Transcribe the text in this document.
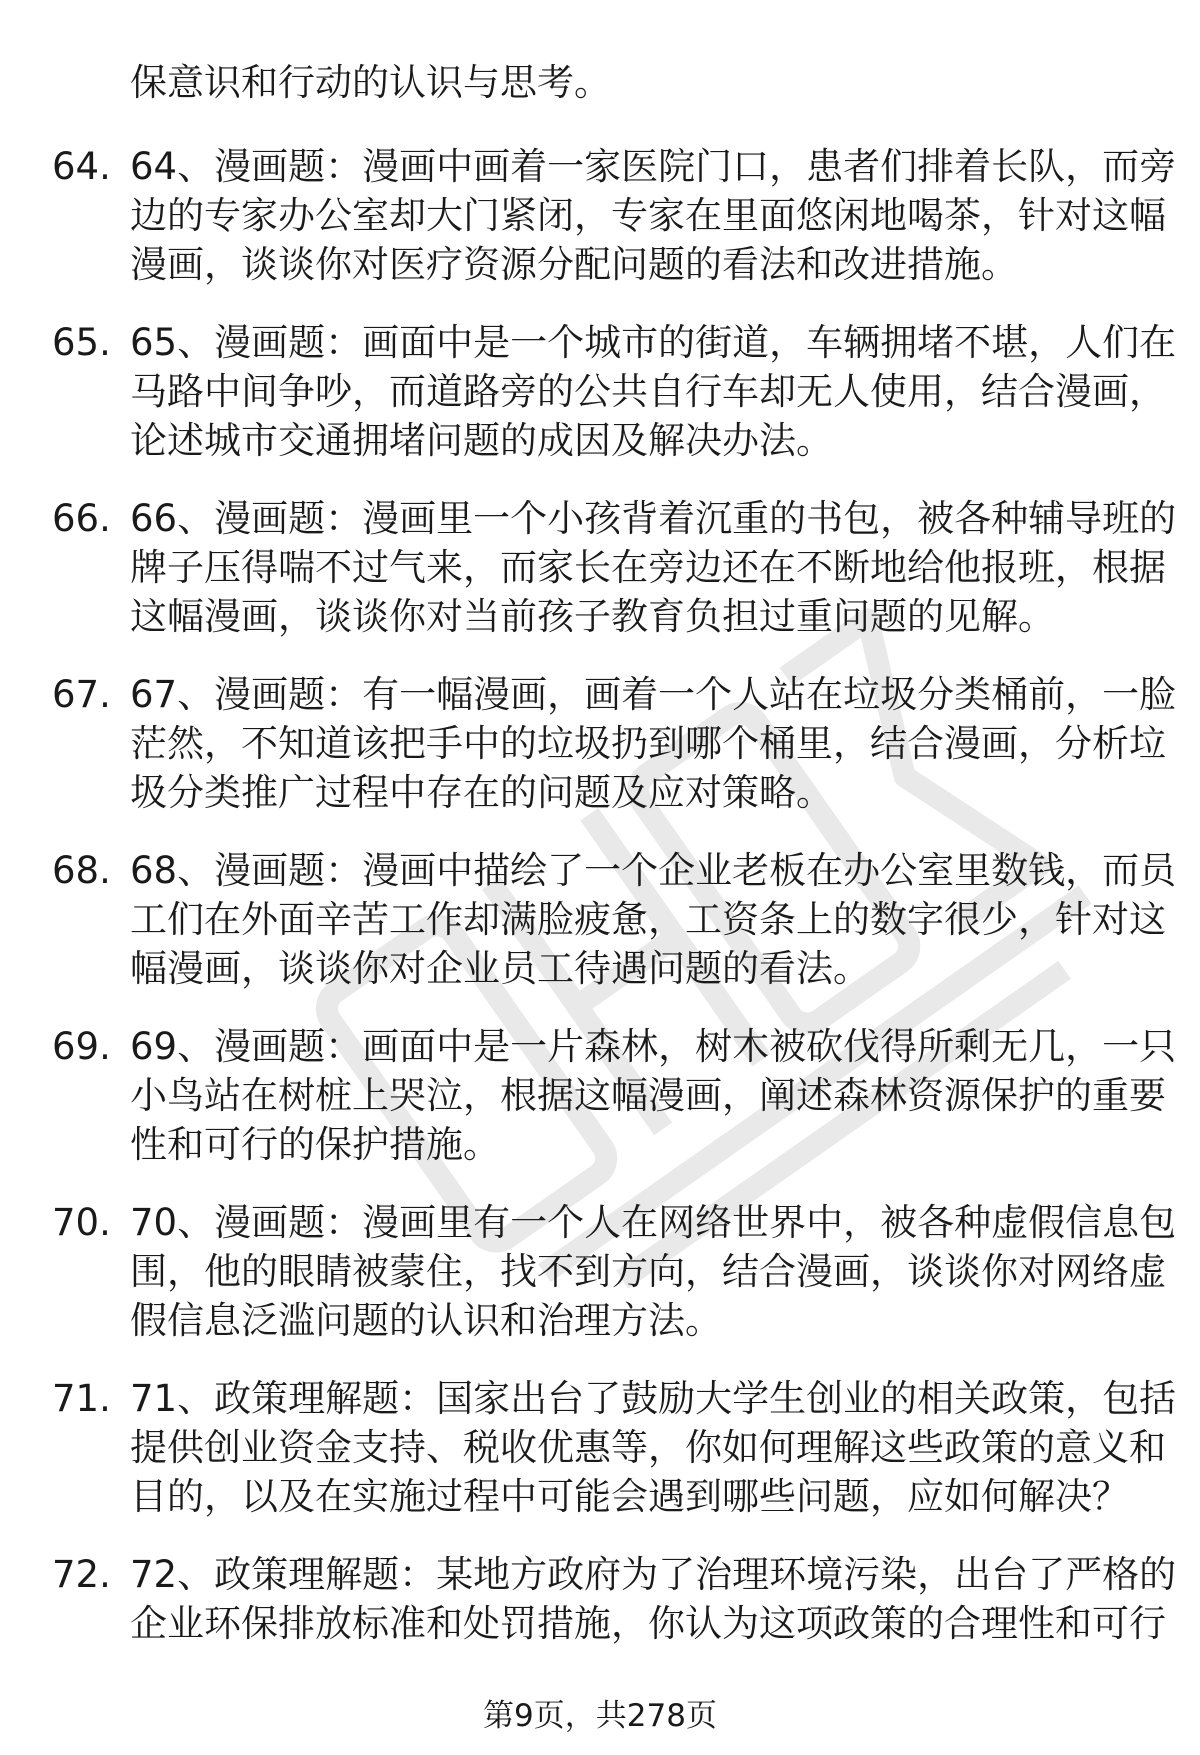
保意识和行动的认识与思考。
64. 64、漫画题：漫画中画着一家医院门口，患者们排着长队，而旁
边的专家办公室却大门紧闭，专家在里面悠闲地喝茶，针对这幅
漫画，谈谈你对医疗资源分配问题的看法和改进措施。
65. 65、漫画题：画面中是一个城市的街道，车辆拥堵不堪，人们在
马路中间争吵，而道路旁的公共自行车却无人使用，结合漫画，
论述城市交通拥堵问题的成因及解决办法。
66. 66、漫画题：漫画里一个小孩背着沉重的书包，被各种辅导班的
牌子压得喘不过气来，而家长在旁边还在不断地给他报班，根据
这幅漫画，谈谈你对当前孩子教育负担过重问题的见解。
67. 67、漫画题：有一幅漫画，画着一个人站在垃圾分类桶前，一脸
茫然，不知道该把手中的垃圾扔到哪个桶里，结合漫画，分析垃
圾分类推广过程中存在的问题及应对策略。
68. 68、漫画题：漫画中描绘了一个企业老板在办公室里数钱，而员
工们在外面辛苦工作却满脸疲惫，工资条上的数字很少，针对这
幅漫画，谈谈你对企业员工待遇问题的看法。
69. 69、漫画题：画面中是一片森林，树木被砍伐得所剩无几，一只
小鸟站在树桩上哭泣，根据这幅漫画，阐述森林资源保护的重要
性和可行的保护措施。
70. 70、漫画题：漫画里有一个人在网络世界中，被各种虚假信息包
围，他的眼睛被蒙住，找不到方向，结合漫画，谈谈你对网络虚
假信息泛滥问题的认识和治理方法。
71. 71、政策理解题：国家出台了鼓励大学生创业的相关政策，包括
提供创业资金支持、税收优惠等，你如何理解这些政策的意义和
目的，以及在实施过程中可能会遇到哪些问题，应如何解决？
72. 72、政策理解题：某地方政府为了治理环境污染，出台了严格的
企业环保排放标准和处罚措施，你认为这项政策的合理性和可行
第9页，共278页
